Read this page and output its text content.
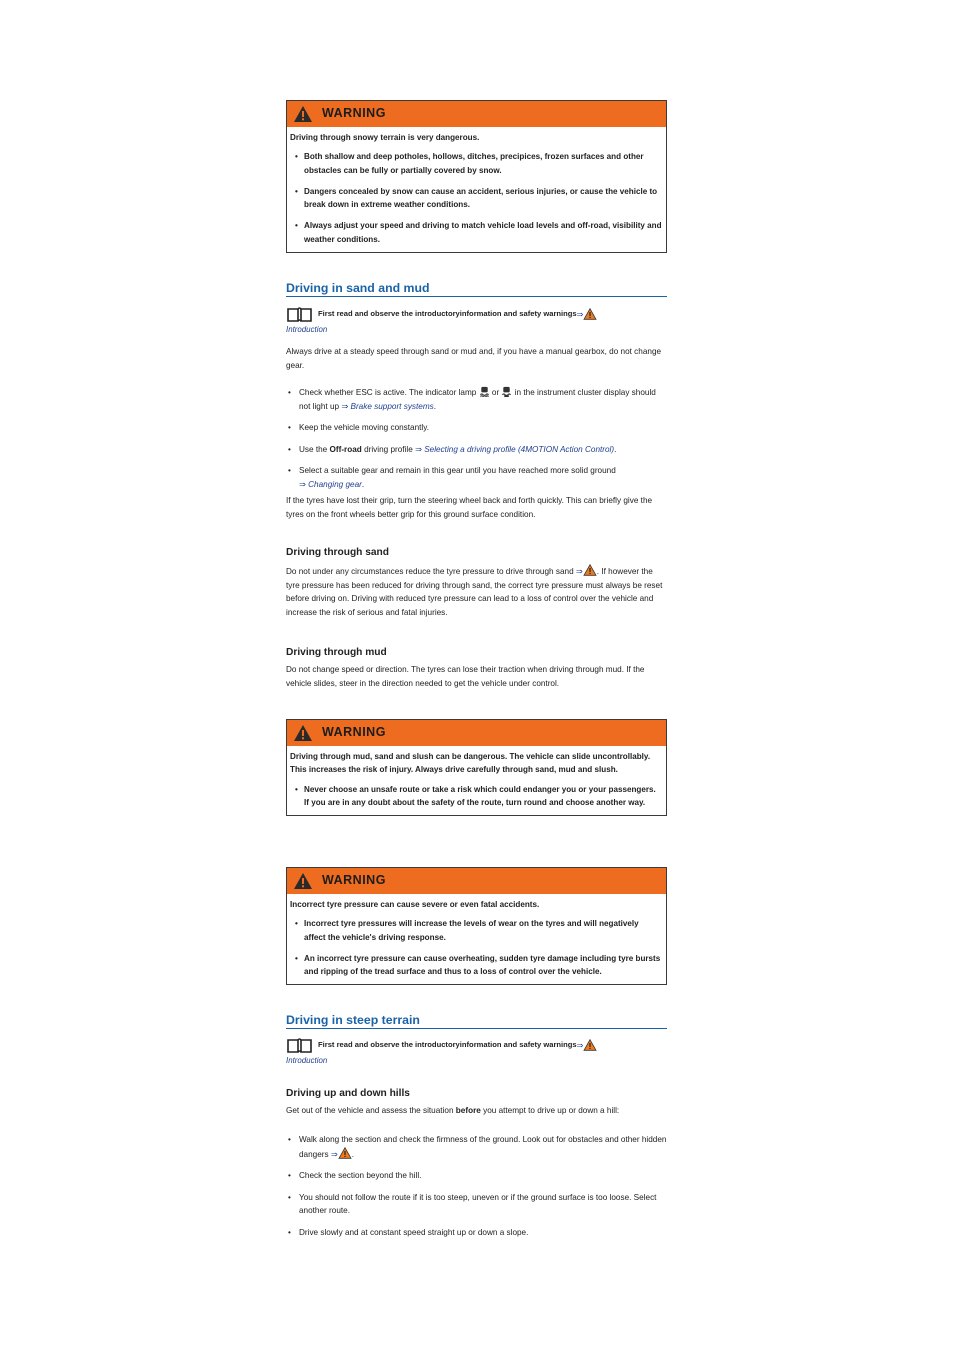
WARNING

Driving through snowy terrain is very dangerous.

• Both shallow and deep potholes, hollows, ditches, precipices, frozen surfaces and other obstacles can be fully or partially covered by snow.
• Dangers concealed by snow can cause an accident, serious injuries, or cause the vehicle to break down in extreme weather conditions.
• Always adjust your speed and driving to match vehicle load levels and off-road, visibility and weather conditions.
Driving in sand and mud
First read and observe the introductoryinformation and safety warnings ⇒
Introduction

Always drive at a steady speed through sand or mud and, if you have a manual gearbox, do not change gear.

• Check whether ESC is active. The indicator lamp or in the instrument cluster display should not light up ⇒ Brake support systems.
• Keep the vehicle moving constantly.
• Use the Off-road driving profile ⇒ Selecting a driving profile (4MOTION Action Control).
• Select a suitable gear and remain in this gear until you have reached more solid ground
⇒ Changing gear.

If the tyres have lost their grip, turn the steering wheel back and forth quickly. This can briefly give the tyres on the front wheels better grip for this ground surface condition.

Driving through sand

Do not under any circumstances reduce the tyre pressure to drive through sand ⇒ . If however the tyre pressure has been reduced for driving through sand, the correct tyre pressure must always be reset before driving on. Driving with reduced tyre pressure can lead to a loss of control over the vehicle and increase the risk of serious and fatal injuries.

Driving through mud

Do not change speed or direction. The tyres can lose their traction when driving through mud. If the vehicle slides, steer in the direction needed to get the vehicle under control.

WARNING

Driving through mud, sand and slush can be dangerous. The vehicle can slide uncontrollably. This increases the risk of injury. Always drive carefully through sand, mud and slush.

• Never choose an unsafe route or take a risk which could endanger you or your passengers. If you are in any doubt about the safety of the route, turn round and choose another way.
WARNING

Incorrect tyre pressure can cause severe or even fatal accidents.

• Incorrect tyre pressures will increase the levels of wear on the tyres and will negatively affect the vehicle's driving response.
• An incorrect tyre pressure can cause overheating, sudden tyre damage including tyre bursts and ripping of the tread surface and thus to a loss of control over the vehicle.
Driving in steep terrain
First read and observe the introductoryinformation and safety warnings ⇒
Introduction
Driving up and down hills

Get out of the vehicle and assess the situation before you attempt to drive up or down a hill:

• Walk along the section and check the firmness of the ground. Look out for obstacles and other hidden dangers ⇒ .
• Check the section beyond the hill.
• You should not follow the route if it is too steep, uneven or if the ground surface is too loose. Select another route.
• Drive slowly and at constant speed straight up or down a slope.
